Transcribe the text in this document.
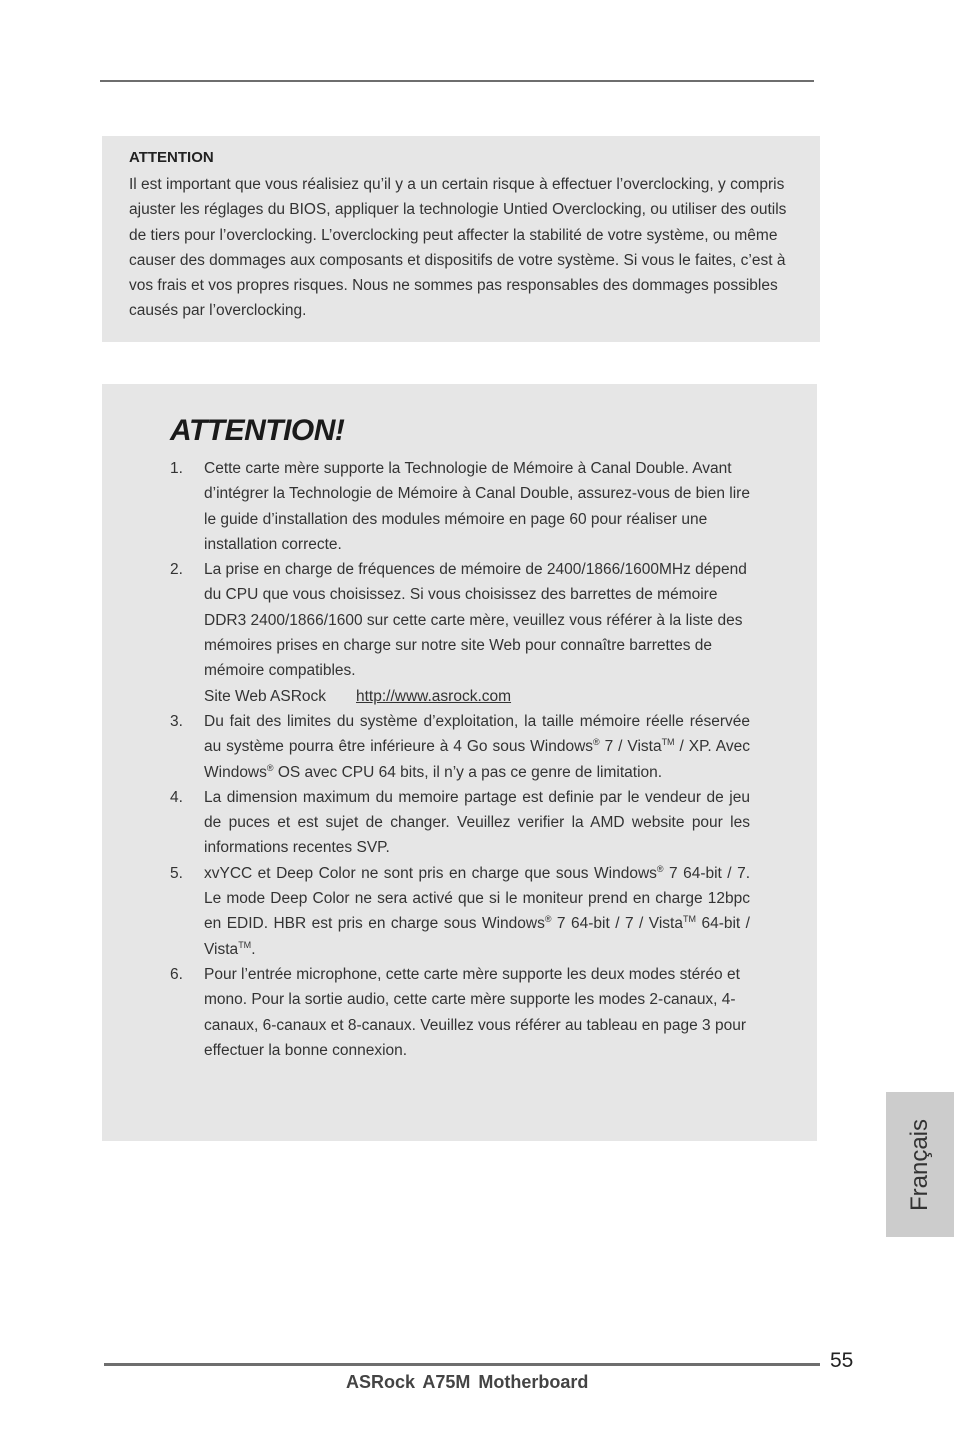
ATTENTION
Il est important que vous réalisiez qu’il y a un certain risque à effectuer l’overclocking, y compris ajuster les réglages du BIOS, appliquer la technologie Untied Overclocking, ou utiliser des outils de tiers pour l’overclocking. L’overclocking peut affecter la stabilité de votre système, ou même causer des dommages aux composants et dispositifs de votre système. Si vous le faites, c’est à vos frais et vos propres risques. Nous ne sommes pas responsables des dommages possibles causés par l’overclocking.
ATTENTION!
1.	Cette carte mère supporte la Technologie de Mémoire à Canal Double. Avant d’intégrer la Technologie de Mémoire à Canal Double, assurez-vous de bien lire le guide d’installation des modules mémoire en page 60 pour réaliser une installation correcte.

2.	La prise en charge de fréquences de mémoire de 2400/1866/1600MHz dépend du CPU que vous choisissez. Si vous choisissez des barrettes de mémoire DDR3 2400/1866/1600 sur cette carte mère, veuillez vous référer à la liste des mémoires prises en charge sur notre site Web pour connaître barrettes de mémoire compatibles.

Site Web ASRock http://www.asrock.com

3.	Du fait des limites du système d’exploitation, la taille mémoire réelle réservée au système pourra être inférieure à 4 Go sous Windows® 7 / Vista™ / XP. Avec Windows® OS avec CPU 64 bits, il n’y a pas ce genre de limitation.

4.	La dimension maximum du memoire partage est definie par le vendeur de jeu de puces et est sujet de changer. Veuillez verifier la AMD website pour les informations recentes SVP.

5.	xvYCC et Deep Color ne sont pris en charge que sous Windows® 7 64-bit / 7. Le mode Deep Color ne sera activé que si le moniteur prend en charge 12bpc en EDID. HBR est pris en charge sous Windows® 7 64-bit / 7 / Vista™ 64-bit / Vista™.

6.	Pour l’entrée microphone, cette carte mère supporte les deux modes stéréo et mono. Pour la sortie audio, cette carte mère supporte les modes 2-canaux, 4-canaux, 6-canaux et 8-canaux. Veuillez vous référer au tableau en page 3 pour effectuer la bonne connexion.

Français
55
ASRock A75M Motherboard
